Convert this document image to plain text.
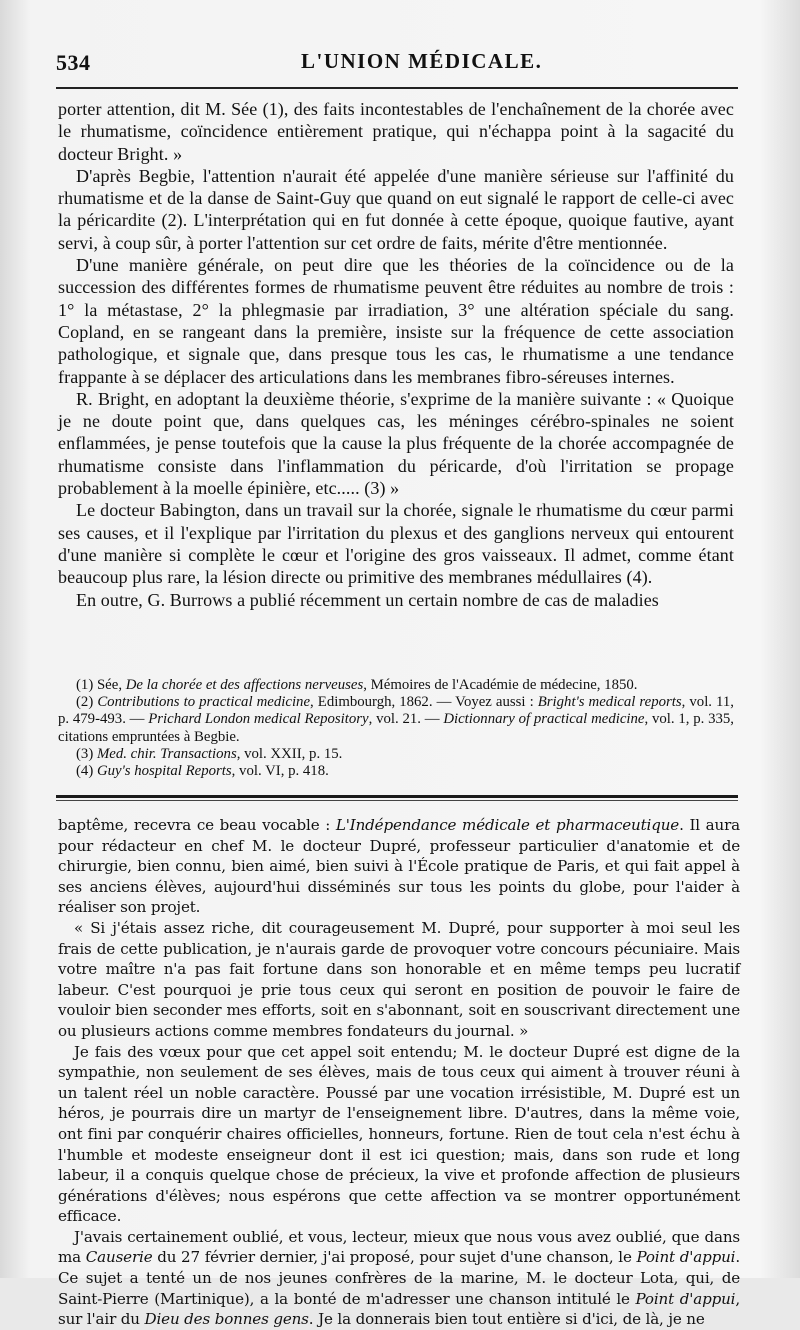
534	L'UNION MÉDICALE.

porter attention, dit M. Sée (1), des faits incontestables de l'enchaînement de la chorée avec le rhumatisme, coïncidence entièrement pratique, qui n'échappa point à la sagacité du docteur Bright. »

D'après Begbie, l'attention n'aurait été appelée d'une manière sérieuse sur l'affinité du rhumatisme et de la danse de Saint-Guy que quand on eut signalé le rapport de celle-ci avec la péricardite (2). L'interprétation qui en fut donnée à cette époque, quoique fautive, ayant servi, à coup sûr, à porter l'attention sur cet ordre de faits, mérite d'être mentionnée.

D'une manière générale, on peut dire que les théories de la coïncidence ou de la succession des différentes formes de rhumatisme peuvent être réduites au nombre de trois : 1° la métastase, 2° la phlegmasie par irradiation, 3° une altération spéciale du sang. Copland, en se rangeant dans la première, insiste sur la fréquence de cette association pathologique, et signale que, dans presque tous les cas, le rhumatisme a une tendance frappante à se déplacer des articulations dans les membranes fibro-séreuses internes.

R. Bright, en adoptant la deuxième théorie, s'exprime de la manière suivante : « Quoique je ne doute point que, dans quelques cas, les méninges cérébro-spinales ne soient enflammées, je pense toutefois que la cause la plus fréquente de la chorée accompagnée de rhumatisme consiste dans l'inflammation du péricarde, d'où l'irritation se propage probablement à la moelle épinière, etc..... (3) »

Le docteur Babington, dans un travail sur la chorée, signale le rhumatisme du cœur parmi ses causes, et il l'explique par l'irritation du plexus et des ganglions nerveux qui entourent d'une manière si complète le cœur et l'origine des gros vaisseaux. Il admet, comme étant beaucoup plus rare, la lésion directe ou primitive des membranes médullaires (4).

En outre, G. Burrows a publié récemment un certain nombre de cas de maladies

(1) Sée, De la chorée et des affections nerveuses, Mémoires de l'Académie de médecine, 1850.

(2) Contributions to practical medicine, Edimbourgh, 1862. — Voyez aussi : Bright's medical reports, vol. 11, p. 479-493. — Prichard London medical Repository, vol. 21. — Dictionnary of practical medicine, vol. 1, p. 335, citations empruntées à Begbie.

(3) Med. chir. Transactions, vol. XXII, p. 15.

(4) Guy's hospital Reports, vol. VI, p. 418.

baptême, recevra ce beau vocable : L'Indépendance médicale et pharmaceutique. Il aura pour rédacteur en chef M. le docteur Dupré, professeur particulier d'anatomie et de chirurgie, bien connu, bien aimé, bien suivi à l'École pratique de Paris, et qui fait appel à ses anciens élèves, aujourd'hui disséminés sur tous les points du globe, pour l'aider à réaliser son projet.

« Si j'étais assez riche, dit courageusement M. Dupré, pour supporter à moi seul les frais de cette publication, je n'aurais garde de provoquer votre concours pécuniaire. Mais votre maître n'a pas fait fortune dans son honorable et en même temps peu lucratif labeur. C'est pourquoi je prie tous ceux qui seront en position de pouvoir le faire de vouloir bien seconder mes efforts, soit en s'abonnant, soit en souscrivant directement une ou plusieurs actions comme membres fondateurs du journal. »

Je fais des vœux pour que cet appel soit entendu; M. le docteur Dupré est digne de la sympathie, non seulement de ses élèves, mais de tous ceux qui aiment à trouver réuni à un talent réel un noble caractère. Poussé par une vocation irrésistible, M. Dupré est un héros, je pourrais dire un martyr de l'enseignement libre. D'autres, dans la même voie, ont fini par conquérir chaires officielles, honneurs, fortune. Rien de tout cela n'est échu à l'humble et modeste enseigneur dont il est ici question; mais, dans son rude et long labeur, il a conquis quelque chose de précieux, la vive et profonde affection de plusieurs générations d'élèves; nous espérons que cette affection va se montrer opportunément efficace.

J'avais certainement oublié, et vous, lecteur, mieux que nous vous avez oublié, que dans ma Causerie du 27 février dernier, j'ai proposé, pour sujet d'une chanson, le Point d'appui. Ce sujet a tenté un de nos jeunes confrères de la marine, M. le docteur Lota, qui, de Saint-Pierre (Martinique), a la bonté de m'adresser une chanson intitulé le Point d'appui, sur l'air du Dieu des bonnes gens. Je la donnerais bien tout entière si d'ici, de là, je ne
